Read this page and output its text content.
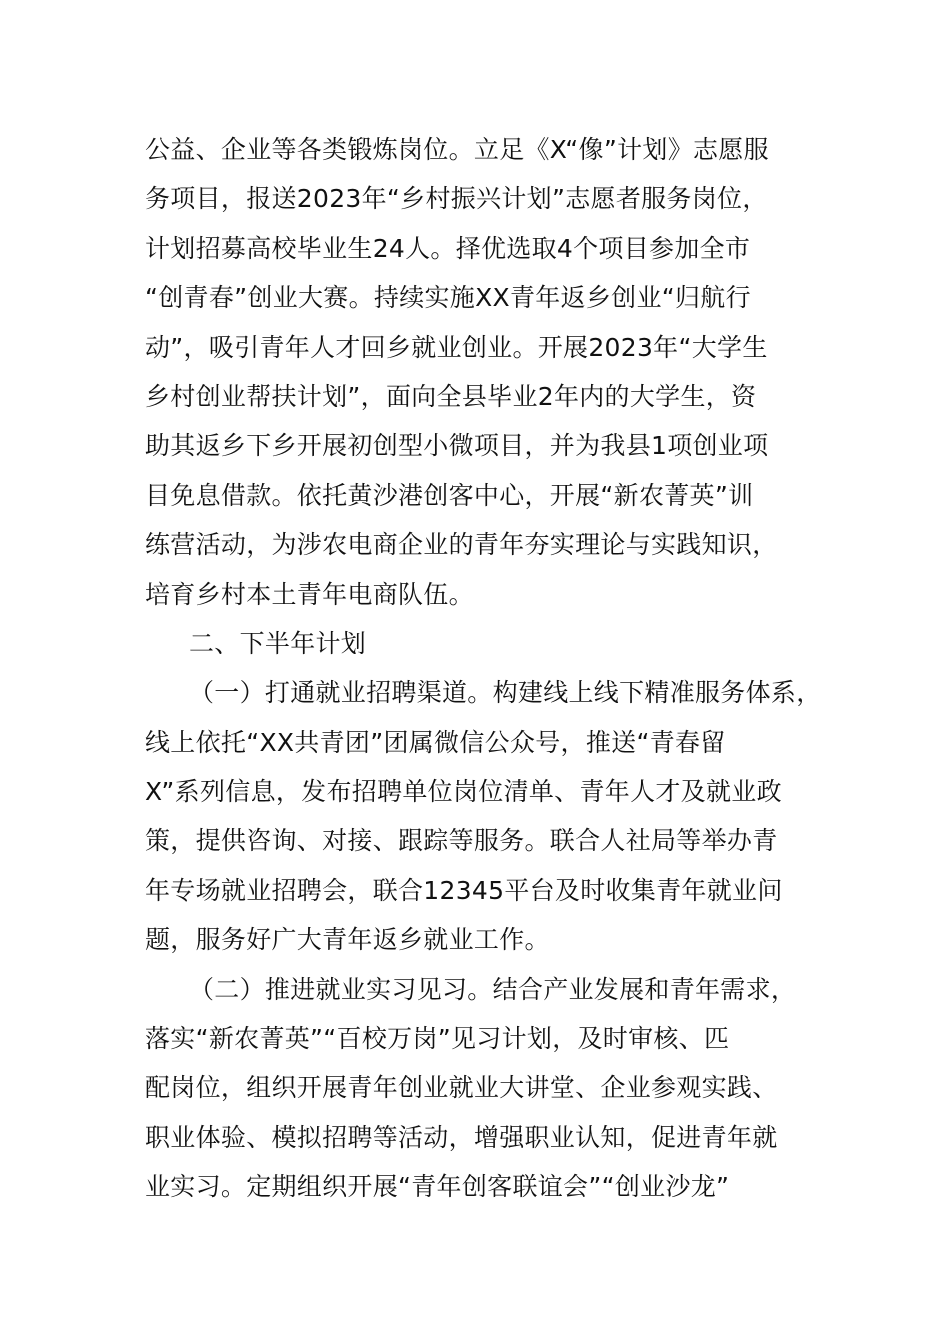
公益、企业等各类锻炼岗位。立足《X“像”计划》志愿服
务项目，报送2023年“乡村振兴计划”志愿者服务岗位，
计划招募高校毕业生24人。择优选取4个项目参加全市
“创青春”创业大赛。持续实施XX青年返乡创业“归航行
动”，吸引青年人才回乡就业创业。开展2023年“大学生
乡村创业帮扶计划”，面向全县毕业2年内的大学生，资
助其返乡下乡开展初创型小微项目，并为我县1项创业项
目免息借款。依托黄沙港创客中心，开展“新农菁英”训
练营活动，为涉农电商企业的青年夯实理论与实践知识，
培育乡村本土青年电商队伍。
二、下半年计划
（一）打通就业招聘渠道。构建线上线下精准服务体系，
线上依托“XX共青团”团属微信公众号，推送“青春留
X”系列信息，发布招聘单位岗位清单、青年人才及就业政
策，提供咨询、对接、跟踪等服务。联合人社局等举办青
年专场就业招聘会，联合12345平台及时收集青年就业问
题，服务好广大青年返乡就业工作。
（二）推进就业实习见习。结合产业发展和青年需求，
落实“新农菁英”“百校万岗”见习计划，及时审核、匹
配岗位，组织开展青年创业就业大讲堂、企业参观实践、
职业体验、模拟招聘等活动，增强职业认知，促进青年就
业实习。定期组织开展“青年创客联谊会”“创业沙龙”
